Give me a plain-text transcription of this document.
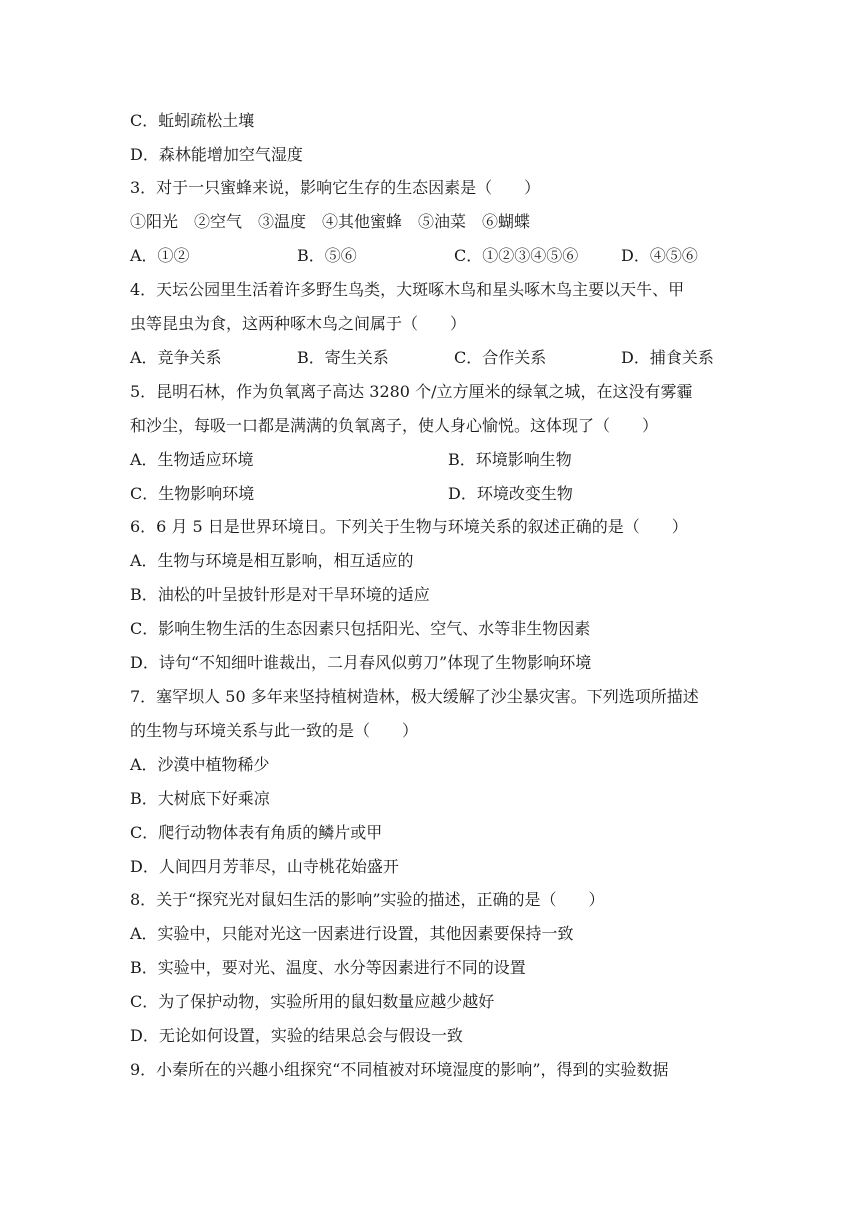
C．蚯蚓疏松土壤
D．森林能增加空气湿度
3．对于一只蜜蜂来说，影响它生存的生态因素是（　　）
①阳光　②空气　③温度　④其他蜜蜂　⑤油菜　⑥蝴蝶
A．①②	B．⑤⑥	C．①②③④⑤⑥	D．④⑤⑥
4．天坛公园里生活着许多野生鸟类，大斑啄木鸟和星头啄木鸟主要以天牛、甲
虫等昆虫为食，这两种啄木鸟之间属于（　　）
A．竞争关系	B．寄生关系	C．合作关系	D．捕食关系
5．昆明石林，作为负氧离子高达 3280 个/立方厘米的绿氧之城，在这没有雾霾
和沙尘，每吸一口都是满满的负氧离子，使人身心愉悦。这体现了（　　）
A．生物适应环境	B．环境影响生物
C．生物影响环境	D．环境改变生物
6．6 月 5 日是世界环境日。下列关于生物与环境关系的叙述正确的是（　　）
A．生物与环境是相互影响，相互适应的
B．油松的叶呈披针形是对干旱环境的适应
C．影响生物生活的生态因素只包括阳光、空气、水等非生物因素
D．诗句“不知细叶谁裁出，二月春风似剪刀”体现了生物影响环境
7．塞罕坝人 50 多年来坚持植树造林，极大缓解了沙尘暴灾害。下列选项所描述
的生物与环境关系与此一致的是（　　）
A．沙漠中植物稀少
B．大树底下好乘凉
C．爬行动物体表有角质的鳞片或甲
D．人间四月芳菲尽，山寺桃花始盛开
8．关于“探究光对鼠妇生活的影响”实验的描述，正确的是（　　）
A．实验中，只能对光这一因素进行设置，其他因素要保持一致
B．实验中，要对光、温度、水分等因素进行不同的设置
C．为了保护动物，实验所用的鼠妇数量应越少越好
D．无论如何设置，实验的结果总会与假设一致
9．小秦所在的兴趣小组探究“不同植被对环境湿度的影响”，得到的实验数据
